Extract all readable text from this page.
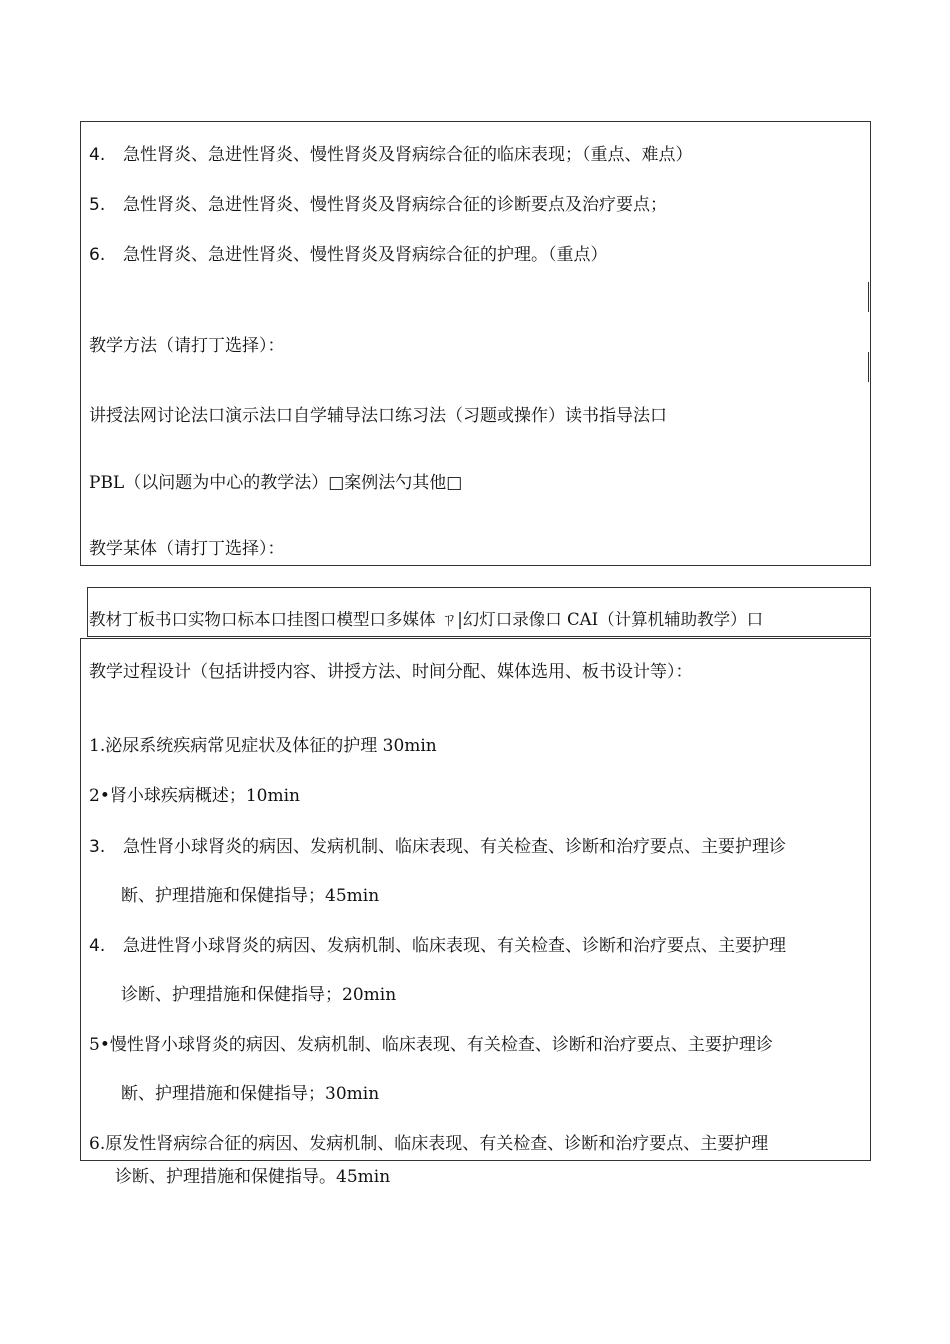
4. 急性肾炎、急进性肾炎、慢性肾炎及肾病综合征的临床表现；（重点、难点）
5. 急性肾炎、急进性肾炎、慢性肾炎及肾病综合征的诊断要点及治疗要点；
6. 急性肾炎、急进性肾炎、慢性肾炎及肾病综合征的护理。（重点）
教学方法（请打丁选择）：
讲授法网讨论法口演示法口自学辅导法口练习法（习题或操作）读书指导法口
PBL（以问题为中心的教学法）□案例法勺其他□
教学某体（请打丁选择）：
教材丁板书口实物口标本口挂图口模型口多媒体 ㄗ|幻灯口录像口 CAI（计算机辅助教学）口
教学过程设计（包括讲授内容、讲授方法、时间分配、媒体选用、板书设计等）：
1.泌尿系统疾病常见症状及体征的护理 30min
2•肾小球疾病概述；10min
3. 急性肾小球肾炎的病因、发病机制、临床表现、有关检查、诊断和治疗要点、主要护理诊
断、护理措施和保健指导；45min
4. 急进性肾小球肾炎的病因、发病机制、临床表现、有关检查、诊断和治疗要点、主要护理
诊断、护理措施和保健指导；20min
5•慢性肾小球肾炎的病因、发病机制、临床表现、有关检查、诊断和治疗要点、主要护理诊
断、护理措施和保健指导；30min
6.原发性肾病综合征的病因、发病机制、临床表现、有关检查、诊断和治疗要点、主要护理
诊断、护理措施和保健指导。45min
